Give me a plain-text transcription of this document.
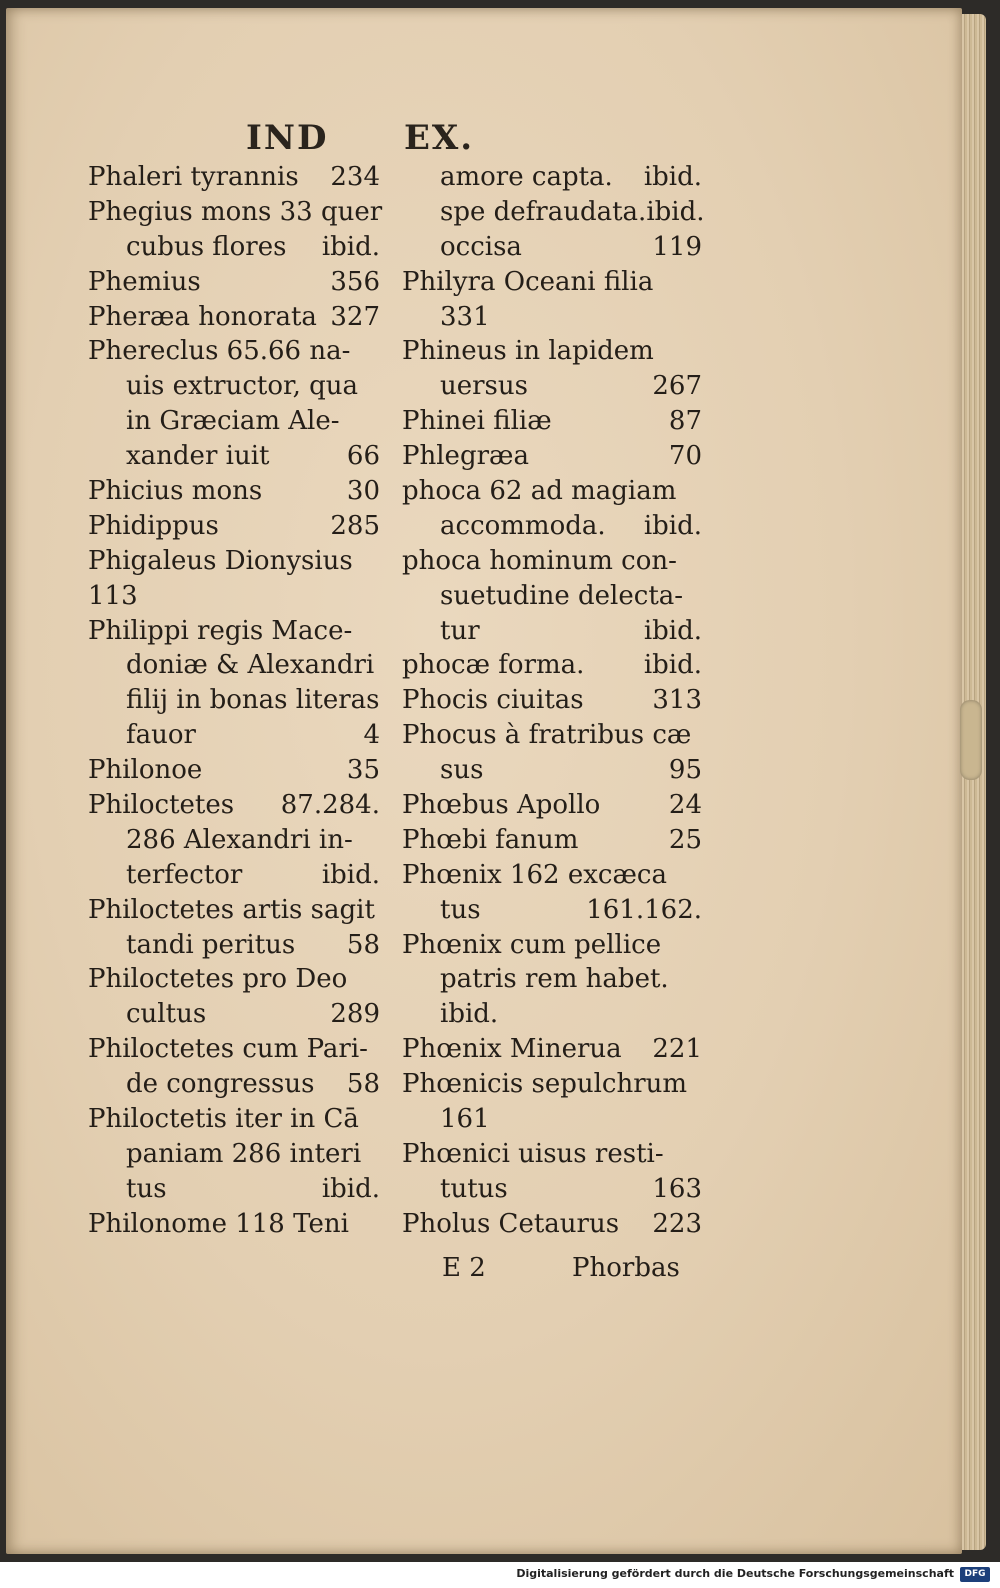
IND EX.
Phaleri tyrannis 234
Phegius mons 33 quer
cubus flores ibid.
Phemius	356
Pheræa honorata 327
Phereclus 65.66 na-
uis extructor, qua
in Græciam Ale-
xander iuit	66
Phicius mons	30
Phidippus	285
Phigaleus Dionysius
113
Philippi regis Mace-
doniæ & Alexandri
filij in bonas literas
fauor	4
Philonoe	35
Philoctetes 87.284.
286 Alexandri in-
terfector	ibid.
Philoctetes artis sagit
tandi peritus 58
Philoctetes pro Deo
cultus	289
Philoctetes cum Pari-
de congressus 58
Philoctetis iter in Cā
paniam 286 interi
tus	ibid.
Philonome 118 Teni
amore capta. ibid.
spe defraudata.ibid.
occisa	119
Philyra Oceani filia
331
Phineus in lapidem
uersus	267
Phinei filiæ	87
Phlegræa	70
phoca 62 ad magiam
accommoda. ibid.
phoca hominum con-
suetudine delecta-
tur	ibid.
phocæ forma. ibid.
Phocis ciuitas	313
Phocus à fratribus cæ
sus	95
Phœbus Apollo	24
Phœbi fanum	25
Phœnix 162 excæca
tus	161.162.
Phœnix cum pellice
patris rem habet.
ibid.
Phœnix Minerua 221
Phœnicis sepulchrum
161
Phœnici uisus resti-
tutus	163
Pholus Cetaurus 223
E 2	Phorbas
Digitalisierung gefördert durch die Deutsche Forschungsgemeinschaft	DFG
